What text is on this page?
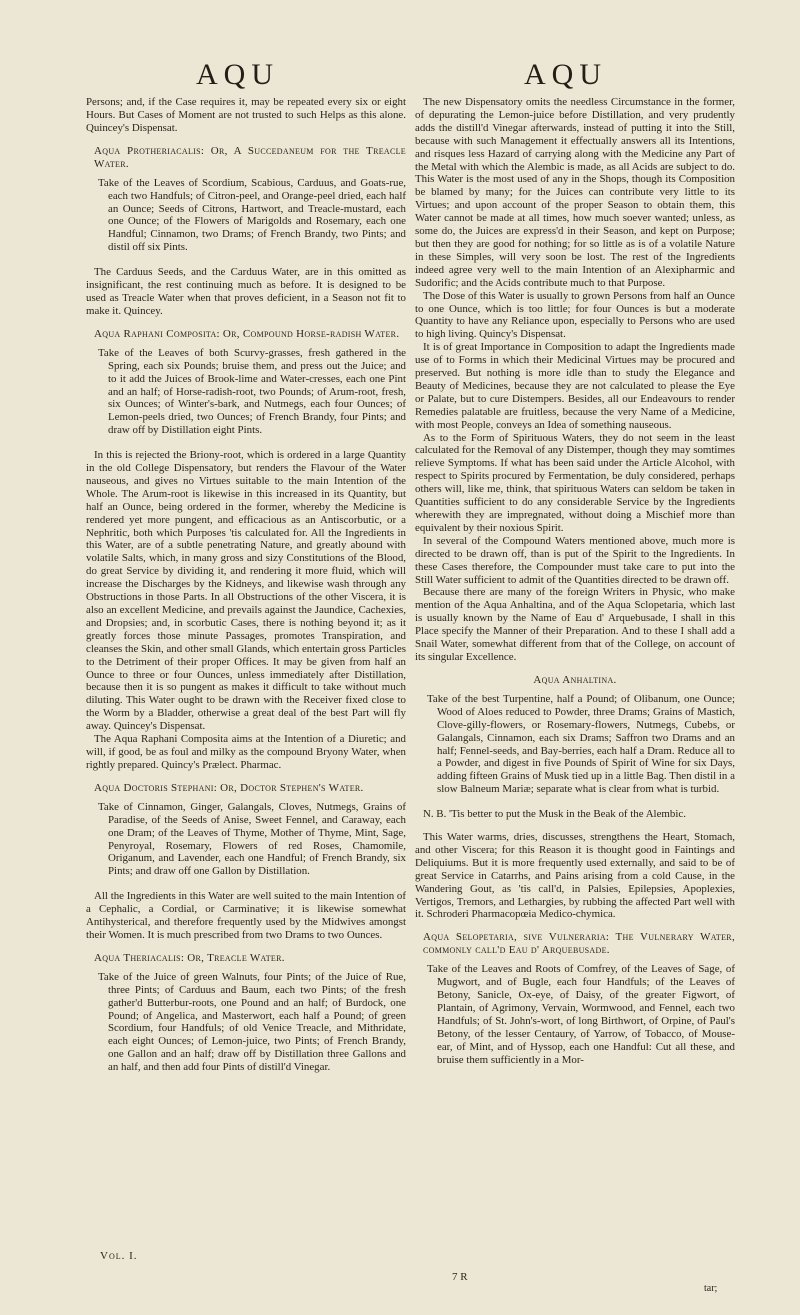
AQU	AQU

Persons; and, if the Case requires it, may be repeated every six or eight Hours. But Cases of Moment are not trusted to such Helps as this alone. Quincey's Dispensat.

Aqua Protheriacalis: Or, A Succedaneum for the Treacle Water.

Take of the Leaves of Scordium, Scabious, Carduus, and Goats-rue, each two Handfuls; of Citron-peel, and Orange-peel dried, each half an Ounce; Seeds of Citrons, Hartwort, and Treacle-mustard, each one Ounce; of the Flowers of Marigolds and Rosemary, each one Handful; Cinnamon, two Drams; of French Brandy, two Pints; and distil off six Pints.

The Carduus Seeds, and the Carduus Water, are in this omitted as insignificant, the rest continuing much as before. It is designed to be used as Treacle Water when that proves deficient, in a Season not fit to make it. Quincey.

Aqua Raphani Composita: Or, Compound Horse-radish Water.

Take of the Leaves of both Scurvy-grasses, fresh gathered in the Spring, each six Pounds; bruise them, and press out the Juice; and to it add the Juices of Brook-lime and Water-cresses, each one Pint and an half; of Horse-radish-root, two Pounds; of Arum-root, fresh, six Ounces; of Winter's-bark, and Nutmegs, each four Ounces; of Lemon-peels dried, two Ounces; of French Brandy, four Pints; and draw off by Distillation eight Pints.

In this is rejected the Briony-root, which is ordered in a large Quantity in the old College Dispensatory, but renders the Flavour of the Water nauseous, and gives no Virtues suitable to the main Intention of the Whole. The Arum-root is likewise in this increased in its Quantity, but half an Ounce, being ordered in the former, whereby the Medicine is rendered yet more pungent, and efficacious as an Antiscorbutic, or a Nephritic, both which Purposes 'tis calculated for. All the Ingredients in this Water, are of a subtle penetrating Nature, and greatly abound with volatile Salts, which, in many gross and sizy Constitutions of the Blood, do great Service by dividing it, and rendering it more fluid, which will increase the Discharges by the Kidneys, and likewise wash through any Obstructions in those Parts. In all Obstructions of the other Viscera, it is also an excellent Medicine, and prevails against the Jaundice, Cachexies, and Dropsies; and, in scorbutic Cases, there is nothing beyond it; as it greatly forces those minute Passages, promotes Transpiration, and cleanses the Skin, and other small Glands, which entertain gross Particles to the Detriment of their proper Offices. It may be given from half an Ounce to three or four Ounces, unless immediately after Distillation, because then it is so pungent as makes it difficult to take without much diluting. This Water ought to be drawn with the Receiver fixed close to the Worm by a Bladder, otherwise a great deal of the best Part will fly away. Quincey's Dispensat.

The Aqua Raphani Composita aims at the Intention of a Diuretic; and will, if good, be as foul and milky as the compound Bryony Water, when rightly prepared. Quincy's Prælect. Pharmac.

Aqua Doctoris Stephani: Or, Doctor Stephen's Water.

Take of Cinnamon, Ginger, Galangals, Cloves, Nutmegs, Grains of Paradise, of the Seeds of Anise, Sweet Fennel, and Caraway, each one Dram; of the Leaves of Thyme, Mother of Thyme, Mint, Sage, Penyroyal, Rosemary, Flowers of red Roses, Chamomile, Origanum, and Lavender, each one Handful; of French Brandy, six Pints; and draw off one Gallon by Distillation.

All the Ingredients in this Water are well suited to the main Intention of a Cephalic, a Cordial, or Carminative; it is likewise somewhat Antihysterical, and therefore frequently used by the Midwives amongst their Women. It is much prescribed from two Drams to two Ounces.

Aqua Theriacalis: Or, Treacle Water.

Take of the Juice of green Walnuts, four Pints; of the Juice of Rue, three Pints; of Carduus and Baum, each two Pints; of the fresh gather'd Butterbur-roots, one Pound and an half; of Burdock, one Pound; of Angelica, and Masterwort, each half a Pound; of green Scordium, four Handfuls; of old Venice Treacle, and Mithridate, each eight Ounces; of Lemon-juice, two Pints; of French Brandy, one Gallon and an half; draw off by Distillation three Gallons and an half, and then add four Pints of distill'd Vinegar.

The new Dispensatory omits the needless Circumstance in the former, of depurating the Lemon-juice before Distillation, and very prudently adds the distill'd Vinegar afterwards, instead of putting it into the Still, because with such Management it effectually answers all its Intentions, and risques less Hazard of carrying along with the Medicine any Part of the Metal with which the Alembic is made, as all Acids are subject to do. This Water is the most used of any in the Shops, though its Composition be blamed by many; for the Juices can contribute very little to its Virtues; and upon account of the proper Season to obtain them, this Water cannot be made at all times, how much soever wanted; unless, as some do, the Juices are express'd in their Season, and kept on Purpose; but then they are good for nothing; for so little as is of a volatile Nature in these Simples, will very soon be lost. The rest of the Ingredients indeed agree very well to the main Intention of an Alexipharmic and Sudorific; and the Acids contribute much to that Purpose.

The Dose of this Water is usually to grown Persons from half an Ounce to one Ounce, which is too little; for four Ounces is but a moderate Quantity to have any Reliance upon, especially to Persons who are used to high living. Quincy's Dispensat.

It is of great Importance in Composition to adapt the Ingredients made use of to Forms in which their Medicinal Virtues may be procured and preserved. But nothing is more idle than to study the Elegance and Beauty of Medicines, because they are not calculated to please the Eye or Palate, but to cure Distempers. Besides, all our Endeavours to render Remedies palatable are fruitless, because the very Name of a Medicine, with most People, conveys an Idea of something nauseous.

As to the Form of Spirituous Waters, they do not seem in the least calculated for the Removal of any Distemper, though they may somtimes relieve Symptoms. If what has been said under the Article Alcohol, with respect to Spirits procured by Fermentation, be duly considered, perhaps others will, like me, think, that spirituous Waters can seldom be taken in Quantities sufficient to do any considerable Service by the Ingredients wherewith they are impregnated, without doing a Mischief more than equivalent by their noxious Spirit.

In several of the Compound Waters mentioned above, much more is directed to be drawn off, than is put of the Spirit to the Ingredients. In these Cases therefore, the Compounder must take care to put into the Still Water sufficient to admit of the Quantities directed to be drawn off.

Because there are many of the foreign Writers in Physic, who make mention of the Aqua Anhaltina, and of the Aqua Sclopetaria, which last is usually known by the Name of Eau d' Arquebusade, I shall in this Place specify the Manner of their Preparation. And to these I shall add a Snail Water, somewhat different from that of the College, on account of its singular Excellence.

Aqua Anhaltina.

Take of the best Turpentine, half a Pound; of Olibanum, one Ounce; Wood of Aloes reduced to Powder, three Drams; Grains of Mastich, Clove-gilly-flowers, or Rosemary-flowers, Nutmegs, Cubebs, or Galangals, Cinnamon, each six Drams; Saffron two Drams and an half; Fennel-seeds, and Bay-berries, each half a Dram. Reduce all to a Powder, and digest in five Pounds of Spirit of Wine for six Days, adding fifteen Grains of Musk tied up in a little Bag. Then distil in a slow Balneum Mariæ; separate what is clear from what is turbid.

N. B. 'Tis better to put the Musk in the Beak of the Alembic.

This Water warms, dries, discusses, strengthens the Heart, Stomach, and other Viscera; for this Reason it is thought good in Faintings and Deliquiums. But it is more frequently used externally, and said to be of great Service in Catarrhs, and Pains arising from a cold Cause, in the Wandering Gout, as 'tis call'd, in Palsies, Epilepsies, Apoplexies, Vertigos, Tremors, and Lethargies, by rubbing the affected Part well with it. Schroderi Pharmacopœia Medico-chymica.

Aqua Selopetaria, sive Vulneraria: The Vulnerary Water, commonly call'd Eau d' Arquebusade.

Take of the Leaves and Roots of Comfrey, of the Leaves of Sage, of Mugwort, and of Bugle, each four Handfuls; of the Leaves of Betony, Sanicle, Ox-eye, of Daisy, of the greater Figwort, of Plantain, of Agrimony, Vervain, Wormwood, and Fennel, each two Handfuls; of St. John's-wort, of long Birthwort, of Orpine, of Paul's Betony, of the lesser Centaury, of Yarrow, of Tobacco, of Mouse-ear, of Mint, and of Hyssop, each one Handful: Cut all these, and bruise them sufficiently in a Mor-

Vol. I.
7 R
tar;
